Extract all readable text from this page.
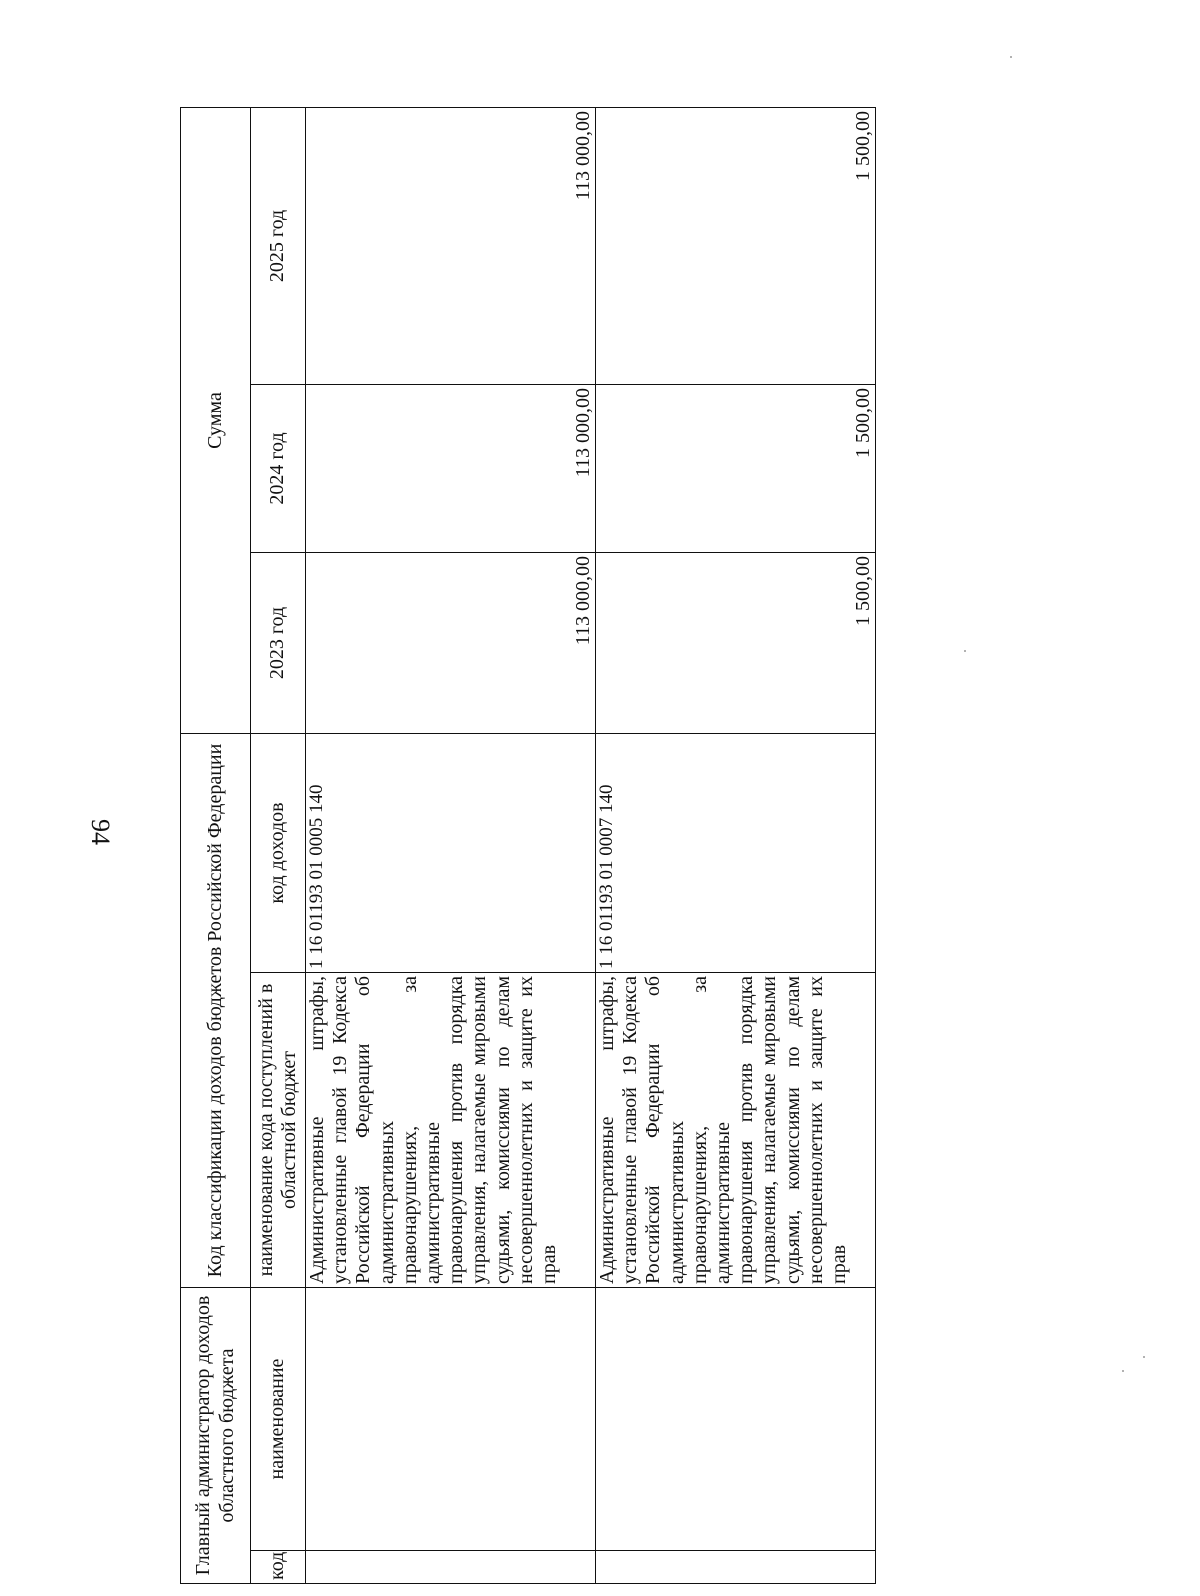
94
Главный администратор доходов областного бюджета		Код классификации доходов бюджетов Российской Федерации		Сумма		
код	наименование			2023 год	2024 год	2025 год
		наименование кода поступлений в областной бюджет	код доходов			
		Административные штрафы, установленные главой 19 Кодекса Российской Федерации об административных правонарушениях, за административные правонарушения против порядка управления, налагаемые мировыми судьями, комиссиями по делам несовершеннолетних и защите их прав	1 16 01193 01 0005 140	113 000,00	113 000,00	113 000,00
		Административные штрафы, установленные главой 19 Кодекса Российской Федерации об административных правонарушениях, за административные правонарушения против порядка управления, налагаемые мировыми судьями, комиссиями по делам несовершеннолетних и защите их прав	1 16 01193 01 0007 140	1 500,00	1 500,00	1 500,00
